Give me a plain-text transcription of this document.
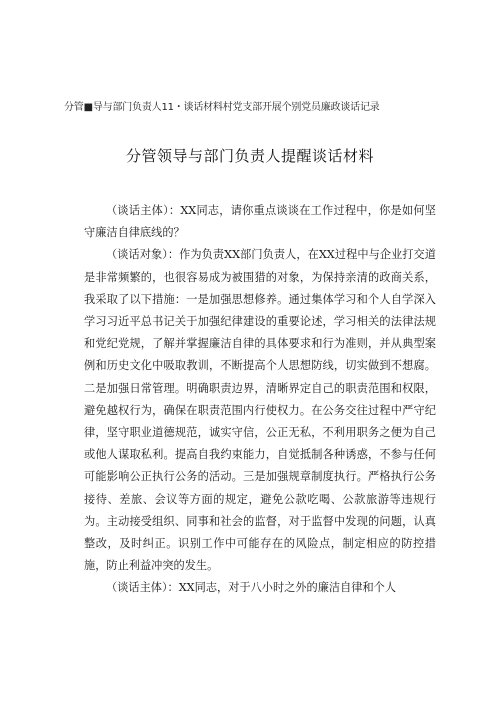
分管■导与部门负责人11・谈话材料村党支部开展个别党员廉政谈话记录
分管领导与部门负责人提醒谈话材料

（谈话主体）：XX同志，请你重点谈谈在工作过程中，你是如何坚守廉洁自律底线的？

（谈话对象）：作为负责XX部门负责人，在XX过程中与企业打交道是非常频繁的，也很容易成为被围猎的对象，为保持亲清的政商关系，我采取了以下措施：一是加强思想修养。通过集体学习和个人自学深入学习习近平总书记关于加强纪律建设的重要论述，学习相关的法律法规和党纪党规，了解并掌握廉洁自律的具体要求和行为准则，并从典型案例和历史文化中吸取教训，不断提高个人思想防线，切实做到不想腐。二是加强日常管理。明确职责边界，清晰界定自己的职责范围和权限，避免越权行为，确保在职责范围内行使权力。在公务交往过程中严守纪律，坚守职业道德规范，诚实守信，公正无私，不利用职务之便为自己或他人谋取私利。提高自我约束能力，自觉抵制各种诱惑，不参与任何可能影响公正执行公务的活动。三是加强规章制度执行。严格执行公务接待、差旅、会议等方面的规定，避免公款吃喝、公款旅游等违规行为。主动接受组织、同事和社会的监督，对于监督中发现的问题，认真整改，及时纠正。识别工作中可能存在的风险点，制定相应的防控措施，防止利益冲突的发生。

（谈话主体）：XX同志，对于八小时之外的廉洁自律和个人
